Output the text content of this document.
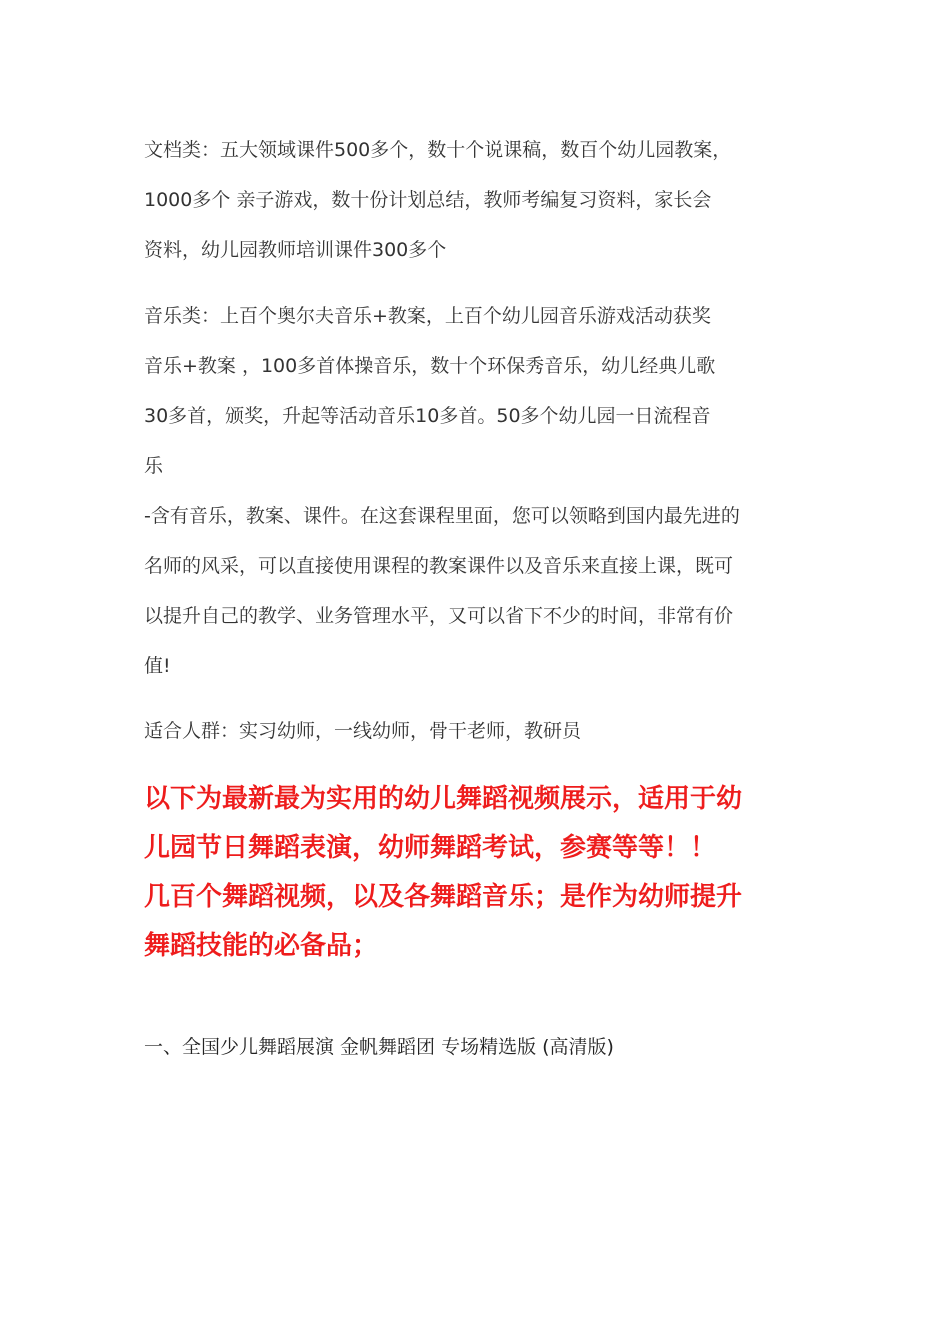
文档类：五大领域课件500多个，数十个说课稿，数百个幼儿园教案，
1000多个 亲子游戏，数十份计划总结，教师考编复习资料，家长会
资料，幼儿园教师培训课件300多个
音乐类：上百个奥尔夫音乐+教案，上百个幼儿园音乐游戏活动获奖
音乐+教案 ，100多首体操音乐，数十个环保秀音乐，幼儿经典儿歌
30多首，颁奖，升起等活动音乐10多首。50多个幼儿园一日流程音
乐
-含有音乐，教案、课件。在这套课程里面，您可以领略到国内最先进的
名师的风采，可以直接使用课程的教案课件以及音乐来直接上课，既可
以提升自己的教学、业务管理水平，又可以省下不少的时间，非常有价
值!
适合人群：实习幼师，一线幼师，骨干老师，教研员
以下为最新最为实用的幼儿舞蹈视频展示，适用于幼
儿园节日舞蹈表演，幼师舞蹈考试，参赛等等！！
几百个舞蹈视频，以及各舞蹈音乐；是作为幼师提升
舞蹈技能的必备品；
一、全国少儿舞蹈展演 金帆舞蹈团 专场精选版 (高清版)
